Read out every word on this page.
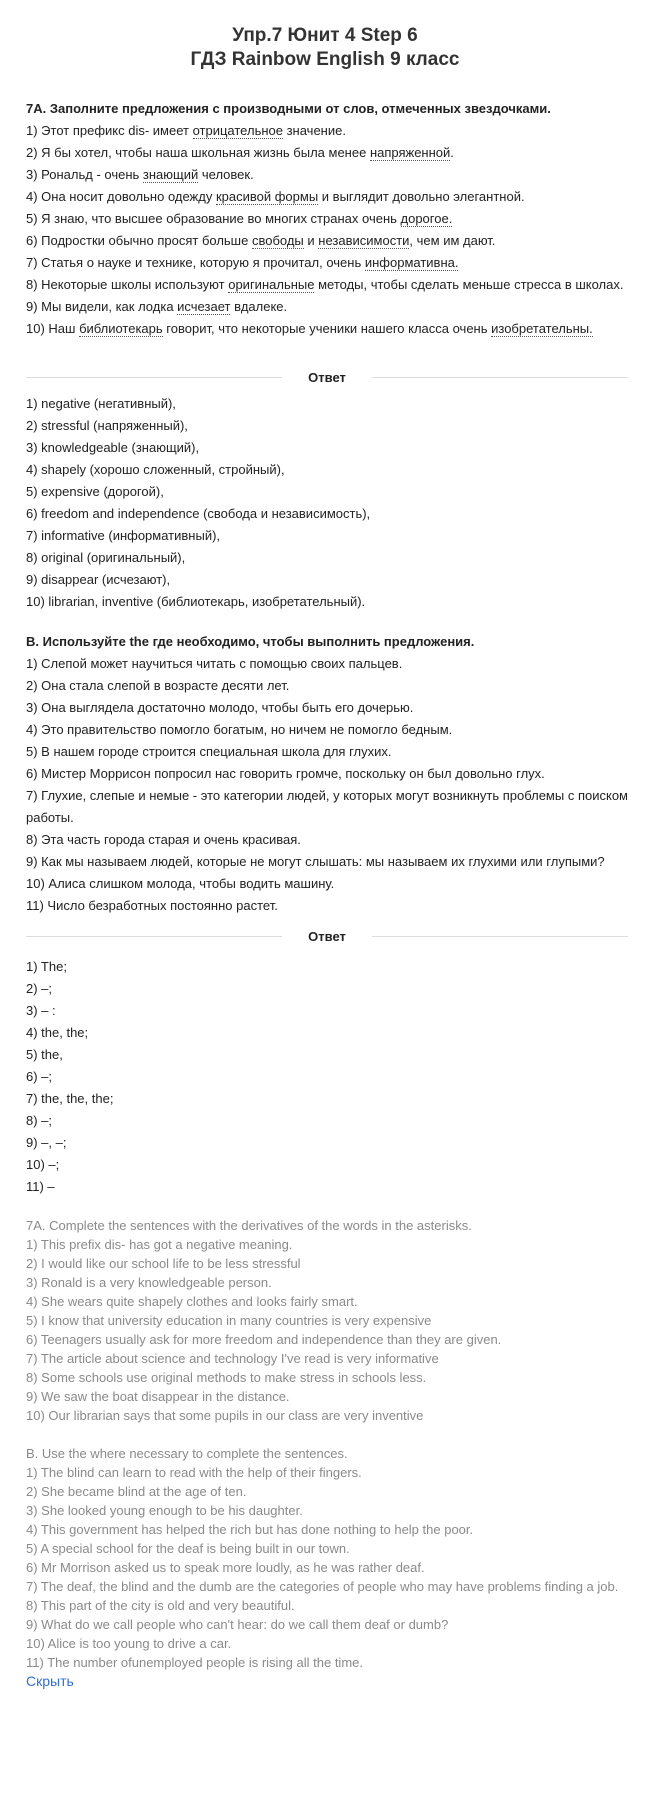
Упр.7 Юнит 4 Step 6
ГДЗ Rainbow English 9 класс
7А. Заполните предложения с производными от слов, отмеченных звездочками.
1) Этот префикс dis- имеет отрицательное значение.
2) Я бы хотел, чтобы наша школьная жизнь была менее напряженной.
3) Рональд - очень знающий человек.
4) Она носит довольно одежду красивой формы и выглядит довольно элегантной.
5) Я знаю, что высшее образование во многих странах очень дорогое.
6) Подростки обычно просят больше свободы и независимости, чем им дают.
7) Статья о науке и технике, которую я прочитал, очень информативна.
8) Некоторые школы используют оригинальные методы, чтобы сделать меньше стресса в школах.
9) Мы видели, как лодка исчезает вдалеке.
10) Наш библиотекарь говорит, что некоторые ученики нашего класса очень изобретательны.
Ответ
1) negative (негативный),
2) stressful (напряженный),
3) knowledgeable (знающий),
4) shapely (хорошо сложенный, стройный),
5) expensive (дорогой),
6) freedom and independence (свобода и независимость),
7) informative (информативный),
8) original (оригинальный),
9) disappear (исчезают),
10) librarian, inventive (библиотекарь, изобретательный).
B. Используйте the где необходимо, чтобы выполнить предложения.
1) Слепой может научиться читать с помощью своих пальцев.
2) Она стала слепой в возрасте десяти лет.
3) Она выглядела достаточно молодо, чтобы быть его дочерью.
4) Это правительство помогло богатым, но ничем не помогло бедным.
5) В нашем городе строится специальная школа для глухих.
6) Мистер Моррисон попросил нас говорить громче, поскольку он был довольно глух.
7) Глухие, слепые и немые - это категории людей, у которых могут возникнуть проблемы с поиском работы.
8) Эта часть города старая и очень красивая.
9) Как мы называем людей, которые не могут слышать: мы называем их глухими или глупыми?
10) Алиса слишком молода, чтобы водить машину.
11) Число безработных постоянно растет.
Ответ
1) The;
2) –;
3) – :
4) the, the;
5) the,
6) –;
7) the, the, the;
8) –;
9) –, –;
10) –;
11) –
7A. Complete the sentences with the derivatives of the words in the asterisks.
1) This prefix dis- has got a negative meaning.
2) I would like our school life to be less stressful
3) Ronald is a very knowledgeable person.
4) She wears quite shapely clothes and looks fairly smart.
5) I know that university education in many countries is very expensive
6) Teenagers usually ask for more freedom and independence than they are given.
7) The article about science and technology I've read is very informative
8) Some schools use original methods to make stress in schools less.
9) We saw the boat disappear in the distance.
10) Our librarian says that some pupils in our class are very inventive
B. Use the where necessary to complete the sentences.
1) The blind can learn to read with the help of their fingers.
2) She became blind at the age of ten.
3) She looked young enough to be his daughter.
4) This government has helped the rich but has done nothing to help the poor.
5) A special school for the deaf is being built in our town.
6) Mr Morrison asked us to speak more loudly, as he was rather deaf.
7) The deaf, the blind and the dumb are the categories of people who may have problems finding a job.
8) This part of the city is old and very beautiful.
9) What do we call people who can't hear: do we call them deaf or dumb?
10) Alice is too young to drive a car.
11) The number ofunemployed people is rising all the time.
Скрыть
